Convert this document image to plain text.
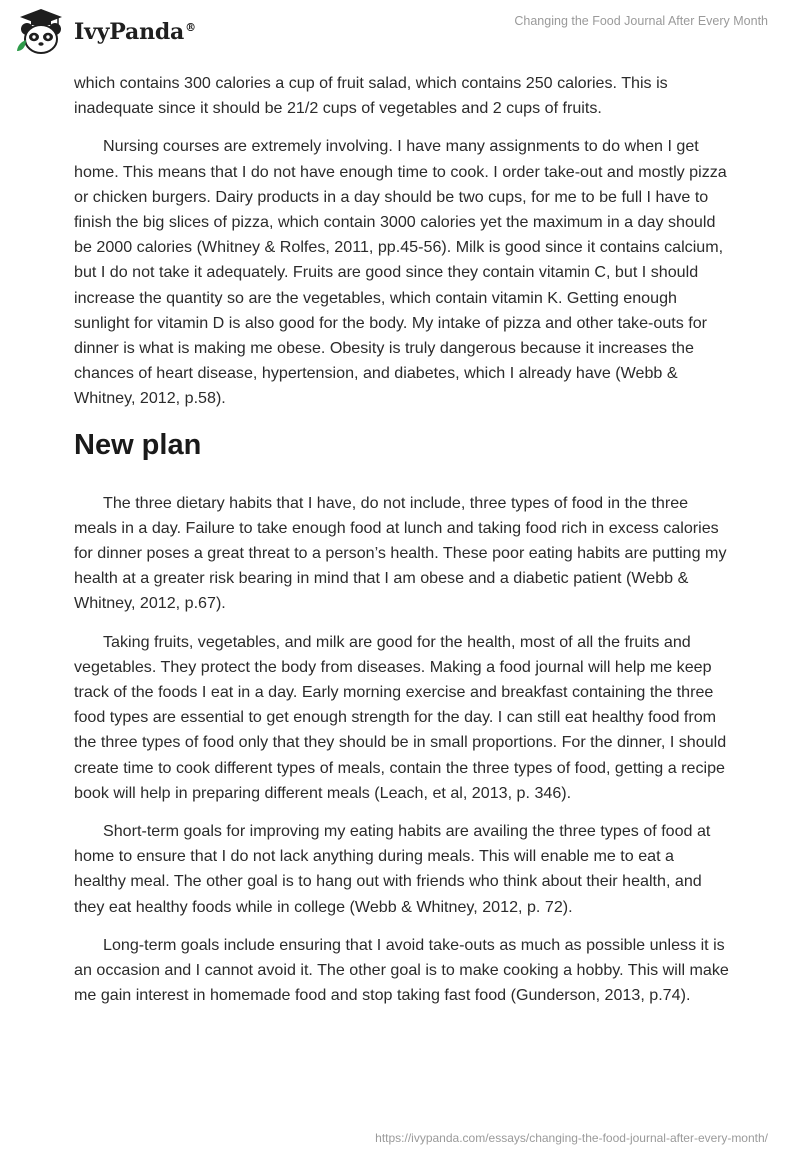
IvyPanda®	Changing the Food Journal After Every Month

which contains 300 calories a cup of fruit salad, which contains 250 calories. This is inadequate since it should be 21/2 cups of vegetables and 2 cups of fruits.

Nursing courses are extremely involving. I have many assignments to do when I get home. This means that I do not have enough time to cook. I order take-out and mostly pizza or chicken burgers. Dairy products in a day should be two cups, for me to be full I have to finish the big slices of pizza, which contain 3000 calories yet the maximum in a day should be 2000 calories (Whitney & Rolfes, 2011, pp.45-56). Milk is good since it contains calcium, but I do not take it adequately. Fruits are good since they contain vitamin C, but I should increase the quantity so are the vegetables, which contain vitamin K. Getting enough sunlight for vitamin D is also good for the body. My intake of pizza and other take-outs for dinner is what is making me obese. Obesity is truly dangerous because it increases the chances of heart disease, hypertension, and diabetes, which I already have (Webb & Whitney, 2012, p.58).

New plan

The three dietary habits that I have, do not include, three types of food in the three meals in a day. Failure to take enough food at lunch and taking food rich in excess calories for dinner poses a great threat to a person’s health. These poor eating habits are putting my health at a greater risk bearing in mind that I am obese and a diabetic patient (Webb & Whitney, 2012, p.67).

Taking fruits, vegetables, and milk are good for the health, most of all the fruits and vegetables. They protect the body from diseases. Making a food journal will help me keep track of the foods I eat in a day. Early morning exercise and breakfast containing the three food types are essential to get enough strength for the day. I can still eat healthy food from the three types of food only that they should be in small proportions. For the dinner, I should create time to cook different types of meals, contain the three types of food, getting a recipe book will help in preparing different meals (Leach, et al, 2013, p. 346).

Short-term goals for improving my eating habits are availing the three types of food at home to ensure that I do not lack anything during meals. This will enable me to eat a healthy meal. The other goal is to hang out with friends who think about their health, and they eat healthy foods while in college (Webb & Whitney, 2012, p. 72).

Long-term goals include ensuring that I avoid take-outs as much as possible unless it is an occasion and I cannot avoid it. The other goal is to make cooking a hobby. This will make me gain interest in homemade food and stop taking fast food (Gunderson, 2013, p.74).

https://ivypanda.com/essays/changing-the-food-journal-after-every-month/
